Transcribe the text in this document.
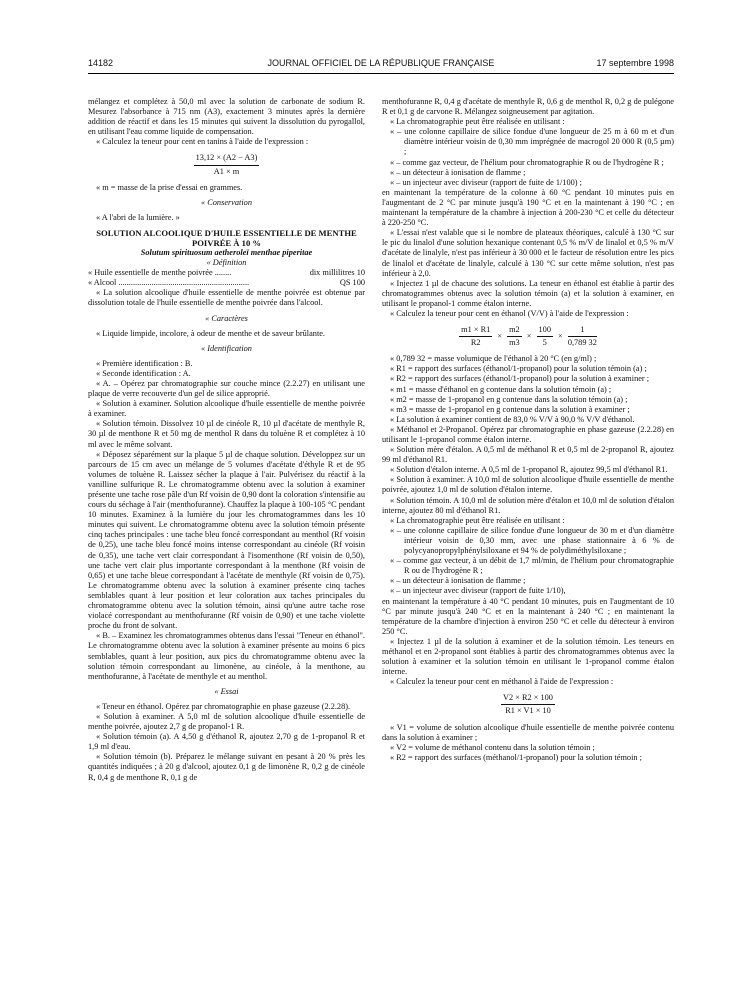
14182	JOURNAL OFFICIEL DE LA RÉPUBLIQUE FRANÇAISE	17 septembre 1998

mélangez et complétez à 50,0 ml avec la solution de carbonate de sodium R. Mesurez l'absorbance à 715 nm (A3), exactement 3 minutes après la dernière addition de réactif et dans les 15 minutes qui suivent la dissolution du pyrogallol, en utilisant l'eau comme liquide de compensation.

« Calculez la teneur pour cent en tanins à l'aide de l'expression :

$\frac{13,12 \times (A2 - A3)}{A1 \times m}$

« m = masse de la prise d'essai en grammes.

« Conservation

« A l'abri de la lumière. »

SOLUTION ALCOOLIQUE D'HUILE ESSENTIELLE DE MENTHE POIVRÉE À 10 %

Solutum spirituosum aetheroleï menthae piperitae

« Définition

« Huile essentielle de menthe poivrée ........	dix millilitres 10
« Alcool ...............................................................	QS 100

« La solution alcoolique d'huile essentielle de menthe poivrée est obtenue par dissolution totale de l'huile essentielle de menthe poivrée dans l'alcool.

« Caractères

« Liquide limpide, incolore, à odeur de menthe et de saveur brûlante.

« Identification

« Première identification : B.

« Seconde identification : A.

« A. – Opérez par chromatographie sur couche mince (2.2.27) en utilisant une plaque de verre recouverte d'un gel de silice approprié.

« Solution à examiner. Solution alcoolique d'huile essentielle de menthe poivrée à examiner.

« Solution témoin. Dissolvez 10 µl de cinéole R, 10 µl d'acétate de menthyle R, 30 µl de menthone R et 50 mg de menthol R dans du toluène R et complétez à 10 ml avec le même solvant.

« Déposez séparément sur la plaque 5 µl de chaque solution. Développez sur un parcours de 15 cm avec un mélange de 5 volumes d'acétate d'éthyle R et de 95 volumes de toluène R. Laissez sécher la plaque à l'air. Pulvérisez du réactif à la vanilline sulfurique R. Le chromatogramme obtenu avec la solution à examiner présente une tache rose pâle d'un Rf voisin de 0,90 dont la coloration s'intensifie au cours du séchage à l'air (menthofuranne). Chauffez la plaque à 100-105 °C pendant 10 minutes. Examinez à la lumière du jour les chromatogrammes dans les 10 minutes qui suivent. Le chromatogramme obtenu avec la solution témoin présente cinq taches principales : une tache bleu foncé correspondant au menthol (Rf voisin de 0,25), une tache bleu foncé moins intense correspondant au cinéole (Rf voisin de 0,35), une tache vert clair correspondant à l'isomenthone (Rf voisin de 0,50), une tache vert clair plus importante correspondant à la menthone (Rf voisin de 0,65) et une tache bleue correspondant à l'acétate de menthyle (Rf voisin de 0,75). Le chromatogramme obtenu avec la solution à examiner présente cinq taches semblables quant à leur position et leur coloration aux taches principales du chromatogramme obtenu avec la solution témoin, ainsi qu'une autre tache rose violacé correspondant au menthofuranne (Rf voisin de 0,90) et une tache violette proche du front de solvant.

« B. – Examinez les chromatogrammes obtenus dans l'essai "Teneur en éthanol". Le chromatogramme obtenu avec la solution à examiner présente au moins 6 pics semblables, quant à leur position, aux pics du chromatogramme obtenu avec la solution témoin correspondant au limonène, au cinéole, à la menthone, au menthofuranne, à l'acétate de menthyle et au menthol.

« Essai

« Teneur en éthanol. Opérez par chromatographie en phase gazeuse (2.2.28).

« Solution à examiner. A 5,0 ml de solution alcoolique d'huile essentielle de menthe poivrée, ajoutez 2,7 g de propanol-1 R.

« Solution témoin (a). A 4,50 g d'éthanol R, ajoutez 2,70 g de 1-propanol R et 1,9 ml d'eau.

« Solution témoin (b). Préparez le mélange suivant en pesant à 20 % près les quantités indiquées ; à 20 g d'alcool, ajoutez 0,1 g de limonène R, 0,2 g de cinéole R, 0,4 g de menthone R, 0,1 g de

menthofuranne R, 0,4 g d'acétate de menthyle R, 0,6 g de menthol R, 0,2 g de pulégone R et 0,1 g de carvone R. Mélangez soigneusement par agitation.

« La chromatographie peut être réalisée en utilisant :

« – une colonne capillaire de silice fondue d'une longueur de 25 m à 60 m et d'un diamètre intérieur voisin de 0,30 mm imprégnée de macrogol 20 000 R (0,5 µm) ;

« – comme gaz vecteur, de l'hélium pour chromatographie R ou de l'hydrogène R ;

« – un détecteur à ionisation de flamme ;

« – un injecteur avec diviseur (rapport de fuite de 1/100) ;

en maintenant la température de la colonne à 60 °C pendant 10 minutes puis en l'augmentant de 2 °C par minute jusqu'à 190 °C et en la maintenant à 190 °C ; en maintenant la température de la chambre à injection à 200-230 °C et celle du détecteur à 220-250 °C.

« L'essai n'est valable que si le nombre de plateaux théoriques, calculé à 130 °C sur le pic du linalol d'une solution hexanique contenant 0,5 % m/V de linalol et 0,5 % m/V d'acétate de linalyle, n'est pas inférieur à 30 000 et le facteur de résolution entre les pics de linalol et d'acétate de linalyle, calculé à 130 °C sur cette même solution, n'est pas inférieur à 2,0.

« Injectez 1 µl de chacune des solutions. La teneur en éthanol est établie à partir des chromatogrammes obtenus avec la solution témoin (a) et la solution à examiner, en utilisant le propanol-1 comme étalon interne.

« Calculez la teneur pour cent en éthanol (V/V) à l'aide de l'expression :

$\frac{m1 \times R1}{R2} \times \frac{m2}{m3} \times \frac{100}{5} \times \frac{1}{0,789 32}$

« 0,789 32 = masse volumique de l'éthanol à 20 °C (en g/ml) ;

« R1 = rapport des surfaces (éthanol/1-propanol) pour la solution témoin (a) ;

« R2 = rapport des surfaces (éthanol/1-propanol) pour la solution à examiner ;

« m1 = masse d'éthanol en g contenue dans la solution témoin (a) ;

« m2 = masse de 1-propanol en g contenue dans la solution témoin (a) ;

« m3 = masse de 1-propanol en g contenue dans la solution à examiner ;

« La solution à examiner contient de 83,0 % V/V à 90,0 % V/V d'éthanol.

« Méthanol et 2-Propanol. Opérez par chromatographie en phase gazeuse (2.2.28) en utilisant le 1-propanol comme étalon interne.

« Solution mère d'étalon. A 0,5 ml de méthanol R et 0,5 ml de 2-propanol R, ajoutez 99 ml d'éthanol R1.

« Solution d'étalon interne. A 0,5 ml de 1-propanol R, ajoutez 99,5 ml d'éthanol R1.

« Solution à examiner. A 10,0 ml de solution alcoolique d'huile essentielle de menthe poivrée, ajoutez 1,0 ml de solution d'étalon interne.

« Solution témoin. A 10,0 ml de solution mère d'étalon et 10,0 ml de solution d'étalon interne, ajoutez 80 ml d'éthanol R1.

« La chromatographie peut être réalisée en utilisant :

« – une colonne capillaire de silice fondue d'une longueur de 30 m et d'un diamètre intérieur voisin de 0,30 mm, avec une phase stationnaire à 6 % de polycyanopropylphénylsiloxane et 94 % de polydiméthylsiloxane ;

« – comme gaz vecteur, à un débit de 1,7 ml/min, de l'hélium pour chromatographie R ou de l'hydrogène R ;

« – un détecteur à ionisation de flamme ;

« – un injecteur avec diviseur (rapport de fuite 1/10),

en maintenant la température à 40 °C pendant 10 minutes, puis en l'augmentant de 10 °C par minute jusqu'à 240 °C et en la maintenant à 240 °C ; en maintenant la température de la chambre d'injection à environ 250 °C et celle du détecteur à environ 250 °C.

« Injectez 1 µl de la solution à examiner et de la solution témoin. Les teneurs en méthanol et en 2-propanol sont établies à partir des chromatogrammes obtenus avec la solution à examiner et la solution témoin en utilisant le 1-propanol comme étalon interne.

« Calculez la teneur pour cent en méthanol à l'aide de l'expression :

$\frac{V2 \times R2 \times 100}{R1 \times V1 \times 10}$

« V1 = volume de solution alcoolique d'huile essentielle de menthe poivrée contenu dans la solution à examiner ;

« V2 = volume de méthanol contenu dans la solution témoin ;

« R2 = rapport des surfaces (méthanol/1-propanol) pour la solution témoin ;
